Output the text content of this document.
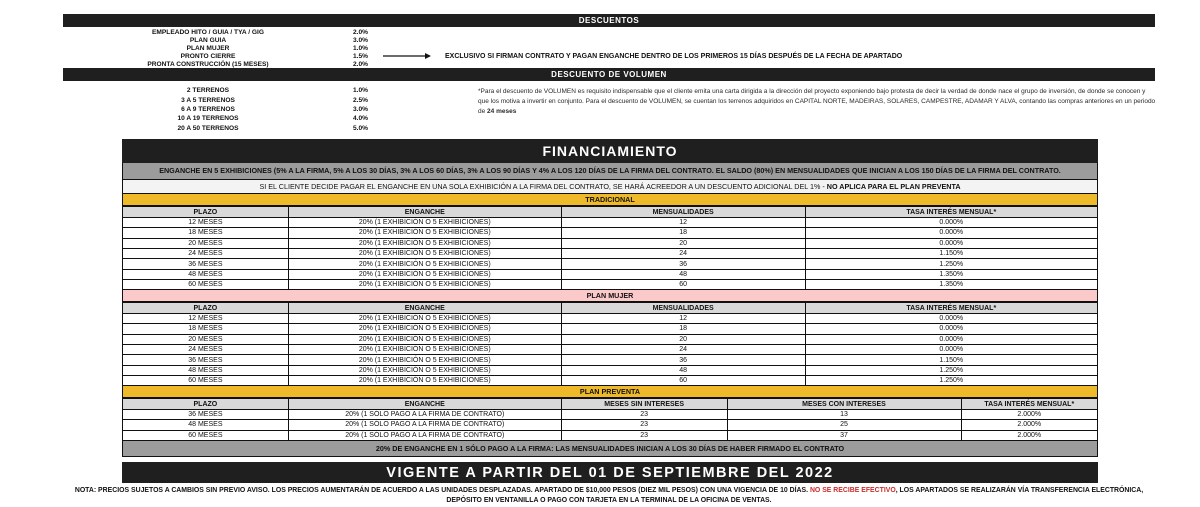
DESCUENTOS
EMPLEADO HITO / GUIA / TYA / GIG	2.0%
PLAN GUIA	3.0%
PLAN MUJER	1.0%
PRONTO CIERRE	1.5%
PRONTA CONSTRUCCIÓN (15 MESES)	2.0%
EXCLUSIVO SI FIRMAN CONTRATO Y PAGAN ENGANCHE DENTRO DE LOS PRIMEROS 15 DÍAS DESPUÉS DE LA FECHA DE APARTADO
DESCUENTO DE VOLUMEN
2 TERRENOS	1.0%
3 A 5 TERRENOS	2.5%
6 A 9 TERRENOS	3.0%
10 A 19 TERRENOS	4.0%
20 A 50 TERRENOS	5.0%
*Para el descuento de VOLUMEN es requisito indispensable que el cliente emita una carta dirigida a la dirección del proyecto exponiendo bajo protesta de decir la verdad de donde nace el grupo de inversión, de donde se conocen y que los motiva a invertir en conjunto. Para el descuento de VOLUMEN, se cuentan los terrenos adquiridos en CAPITAL NORTE, MADEIRAS, SOLARES, CAMPESTRE, ADAMAR Y ALVA, contando las compras anteriores en un periodo de 24 meses
FINANCIAMIENTO
ENGANCHE EN 5 EXHIBICIONES (5% A LA FIRMA, 5% A LOS 30 DÍAS, 3% A LOS 60 DÍAS, 3% A LOS 90 DÍAS Y 4% A LOS 120 DÍAS DE LA FIRMA DEL CONTRATO. EL SALDO (80%) EN MENSUALIDADES QUE INICIAN A LOS 150 DÍAS DE LA FIRMA DEL CONTRATO.
SI EL CLIENTE DECIDE PAGAR EL ENGANCHE EN UNA SOLA EXHIBICIÓN A LA FIRMA DEL CONTRATO, SE HARÁ ACREEDOR A UN DESCUENTO ADICIONAL DEL 1% - NO APLICA PARA EL PLAN PREVENTA
TRADICIONAL
PLAZO	ENGANCHE	MENSUALIDADES	TASA INTERÉS MENSUAL*
12 MESES	20% (1 EXHIBICIÓN O 5 EXHIBICIONES)	12	0.000%
18 MESES	20% (1 EXHIBICIÓN O 5 EXHIBICIONES)	18	0.000%
20 MESES	20% (1 EXHIBICIÓN O 5 EXHIBICIONES)	20	0.000%
24 MESES	20% (1 EXHIBICIÓN O 5 EXHIBICIONES)	24	1.150%
36 MESES	20% (1 EXHIBICIÓN O 5 EXHIBICIONES)	36	1.250%
48 MESES	20% (1 EXHIBICIÓN O 5 EXHIBICIONES)	48	1.350%
60 MESES	20% (1 EXHIBICIÓN O 5 EXHIBICIONES)	60	1.350%
PLAN MUJER
PLAZO	ENGANCHE	MENSUALIDADES	TASA INTERÉS MENSUAL*
12 MESES	20% (1 EXHIBICIÓN O 5 EXHIBICIONES)	12	0.000%
18 MESES	20% (1 EXHIBICIÓN O 5 EXHIBICIONES)	18	0.000%
20 MESES	20% (1 EXHIBICIÓN O 5 EXHIBICIONES)	20	0.000%
24 MESES	20% (1 EXHIBICIÓN O 5 EXHIBICIONES)	24	0.000%
36 MESES	20% (1 EXHIBICIÓN O 5 EXHIBICIONES)	36	1.150%
48 MESES	20% (1 EXHIBICIÓN O 5 EXHIBICIONES)	48	1.250%
60 MESES	20% (1 EXHIBICIÓN O 5 EXHIBICIONES)	60	1.250%
PLAN PREVENTA
PLAZO	ENGANCHE	MESES SIN INTERESES	MESES CON INTERESES	TASA INTERÉS MENSUAL*
36 MESES	20% (1 SÓLO PAGO A LA FIRMA DE CONTRATO)	23	13	2.000%
48 MESES	20% (1 SÓLO PAGO A LA FIRMA DE CONTRATO)	23	25	2.000%
60 MESES	20% (1 SÓLO PAGO A LA FIRMA DE CONTRATO)	23	37	2.000%
20% DE ENGANCHE EN 1 SÓLO PAGO A LA FIRMA: LAS MENSUALIDADES INICIAN A LOS 30 DÍAS DE HABER FIRMADO EL CONTRATO
VIGENTE A PARTIR DEL 01 DE SEPTIEMBRE DEL 2022
NOTA: PRECIOS SUJETOS A CAMBIOS SIN PREVIO AVISO. LOS PRECIOS AUMENTARÁN DE ACUERDO A LAS UNIDADES DESPLAZADAS. APARTADO DE $10,000 PESOS (DIEZ MIL PESOS) CON UNA VIGENCIA DE 10 DÍAS. NO SE RECIBE EFECTIVO, LOS APARTADOS SE REALIZARÁN VÍA TRANSFERENCIA ELECTRÓNICA, DEPÓSITO EN VENTANILLA O PAGO CON TARJETA EN LA TERMINAL DE LA OFICINA DE VENTAS.
